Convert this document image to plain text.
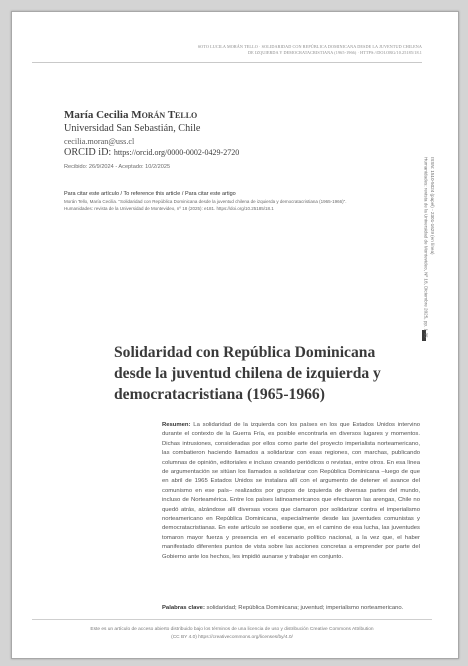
SOTO LUCILA MORÁN TELLO · SOLIDARIDAD CON REPÚBLICA DOMINICANA DESDE LA JUVENTUD CHILENA
DE IZQUIERDA Y DEMOCRATACRISTIANA (1965-1966) · HTTPS://DOI.ORG/10.25185/18.1
María Cecilia Morán Tello
Universidad San Sebastián, Chile
cecilia.moran@uss.cl
ORCID iD: https://orcid.org/0000-0002-0429-2720
Recibido: 26/9/2024 - Aceptado: 10/2/2025
Para citar este artículo / To reference this article / Para citar este artigo
Morán Tello, María Cecilia. "Solidaridad con República Dominicana desde la juventud chilena de izquierda y democratacristiana (1965-1966)".
Humanidades: revista de la Universidad de Montevideo, nº 18 (2025): e181. https://doi.org/10.25185/18.1
Solidaridad con República Dominicana
desde la juventud chilena de izquierda y
democratacristiana (1965-1966)

Resumen: La solidaridad de la izquierda con los países en los que Estados Unidos intervino durante el contexto de la Guerra Fría, es posible encontrarla en diversos lugares y momentos. Dichas intrusiones, consideradas por ellos como parte del proyecto imperialista norteamericano, las combatieron haciendo llamados a solidarizar con esas regiones, con marchas, publicando columnas de opinión, editoriales e incluso creando periódicos o revistas, entre otros. En esa línea de argumentación se sitúan los llamados a solidarizar con República Dominicana –luego de que en abril de 1965 Estados Unidos se instalara allí con el argumento de detener el avance del comunismo en ese país– realizados por grupos de izquierda de diversas partes del mundo, incluso de Norteamérica. Entre los países latinoamericanos que efectuaron las arengas, Chile no quedó atrás, alzándose allí diversas voces que clamaron por solidarizar contra el imperialismo norteamericano en República Dominicana, especialmente desde las juventudes comunistas y democratacristianas. En este artículo se sostiene que, en el camino de esa lucha, las juventudes tomaron mayor fuerza y presencia en el escenario político nacional, a la vez que, el haber manifestado diferentes puntos de vista sobre las acciones concretas a emprender por parte del Gobierno ante los hechos, les impidió aunarse y trabajar en conjunto.

Palabras clave: solidaridad; República Dominicana; juventud; imperialismo norteamericano.

Este es un artículo de acceso abierto distribuido bajo los términos de una licencia de uso y distribución Creative Commons Attribution
(CC BY 4.0) https://creativecommons.org/licenses/by/4.0/

ISSN: 1510-5024 (papel) - 2301-1629 (en línea)
Humanidades: revista de la Universidad de Montevideo, Nº 18, Diciembre 2025, pp. 1-35
